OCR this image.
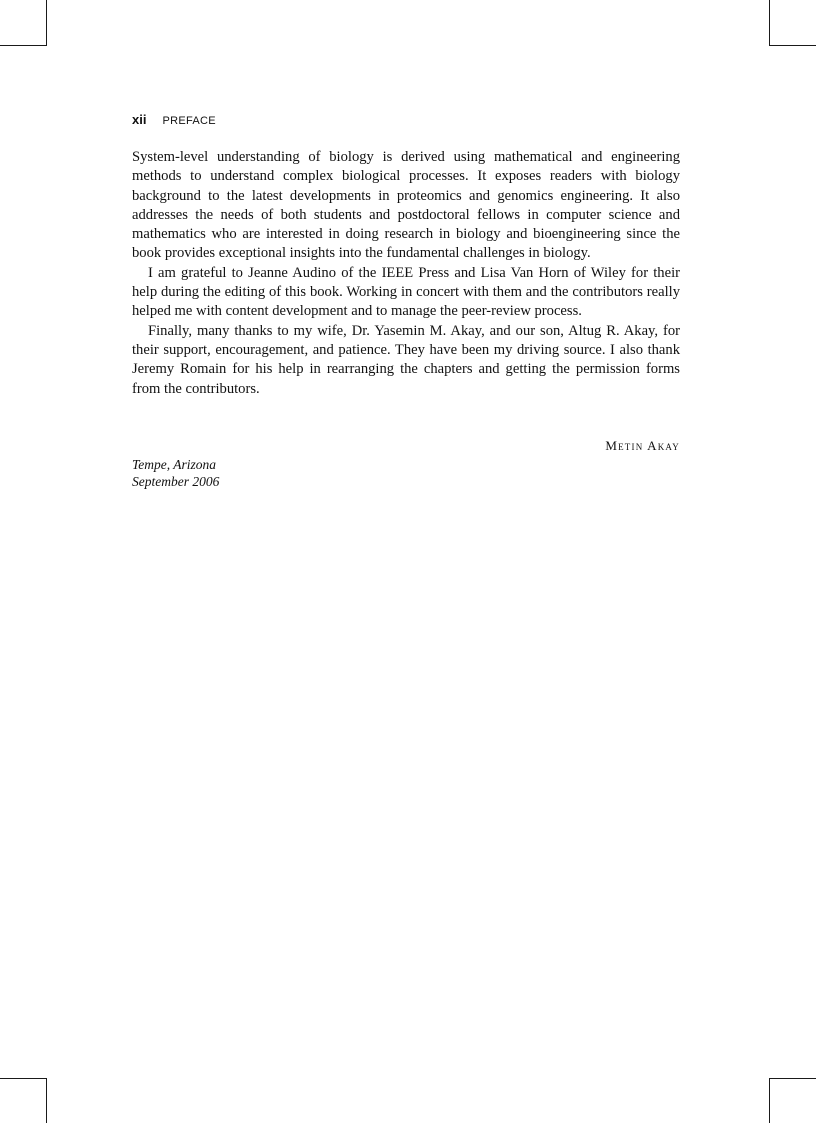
xii PREFACE

System-level understanding of biology is derived using mathematical and engineering methods to understand complex biological processes. It exposes readers with biology background to the latest developments in proteomics and genomics engineering. It also addresses the needs of both students and postdoctoral fellows in computer science and mathematics who are interested in doing research in biology and bioengineering since the book provides exceptional insights into the fundamental challenges in biology.

I am grateful to Jeanne Audino of the IEEE Press and Lisa Van Horn of Wiley for their help during the editing of this book. Working in concert with them and the contributors really helped me with content development and to manage the peer-review process.

Finally, many thanks to my wife, Dr. Yasemin M. Akay, and our son, Altug R. Akay, for their support, encouragement, and patience. They have been my driving source. I also thank Jeremy Romain for his help in rearranging the chapters and getting the permission forms from the contributors.

Metin Akay
Tempe, Arizona
September 2006
